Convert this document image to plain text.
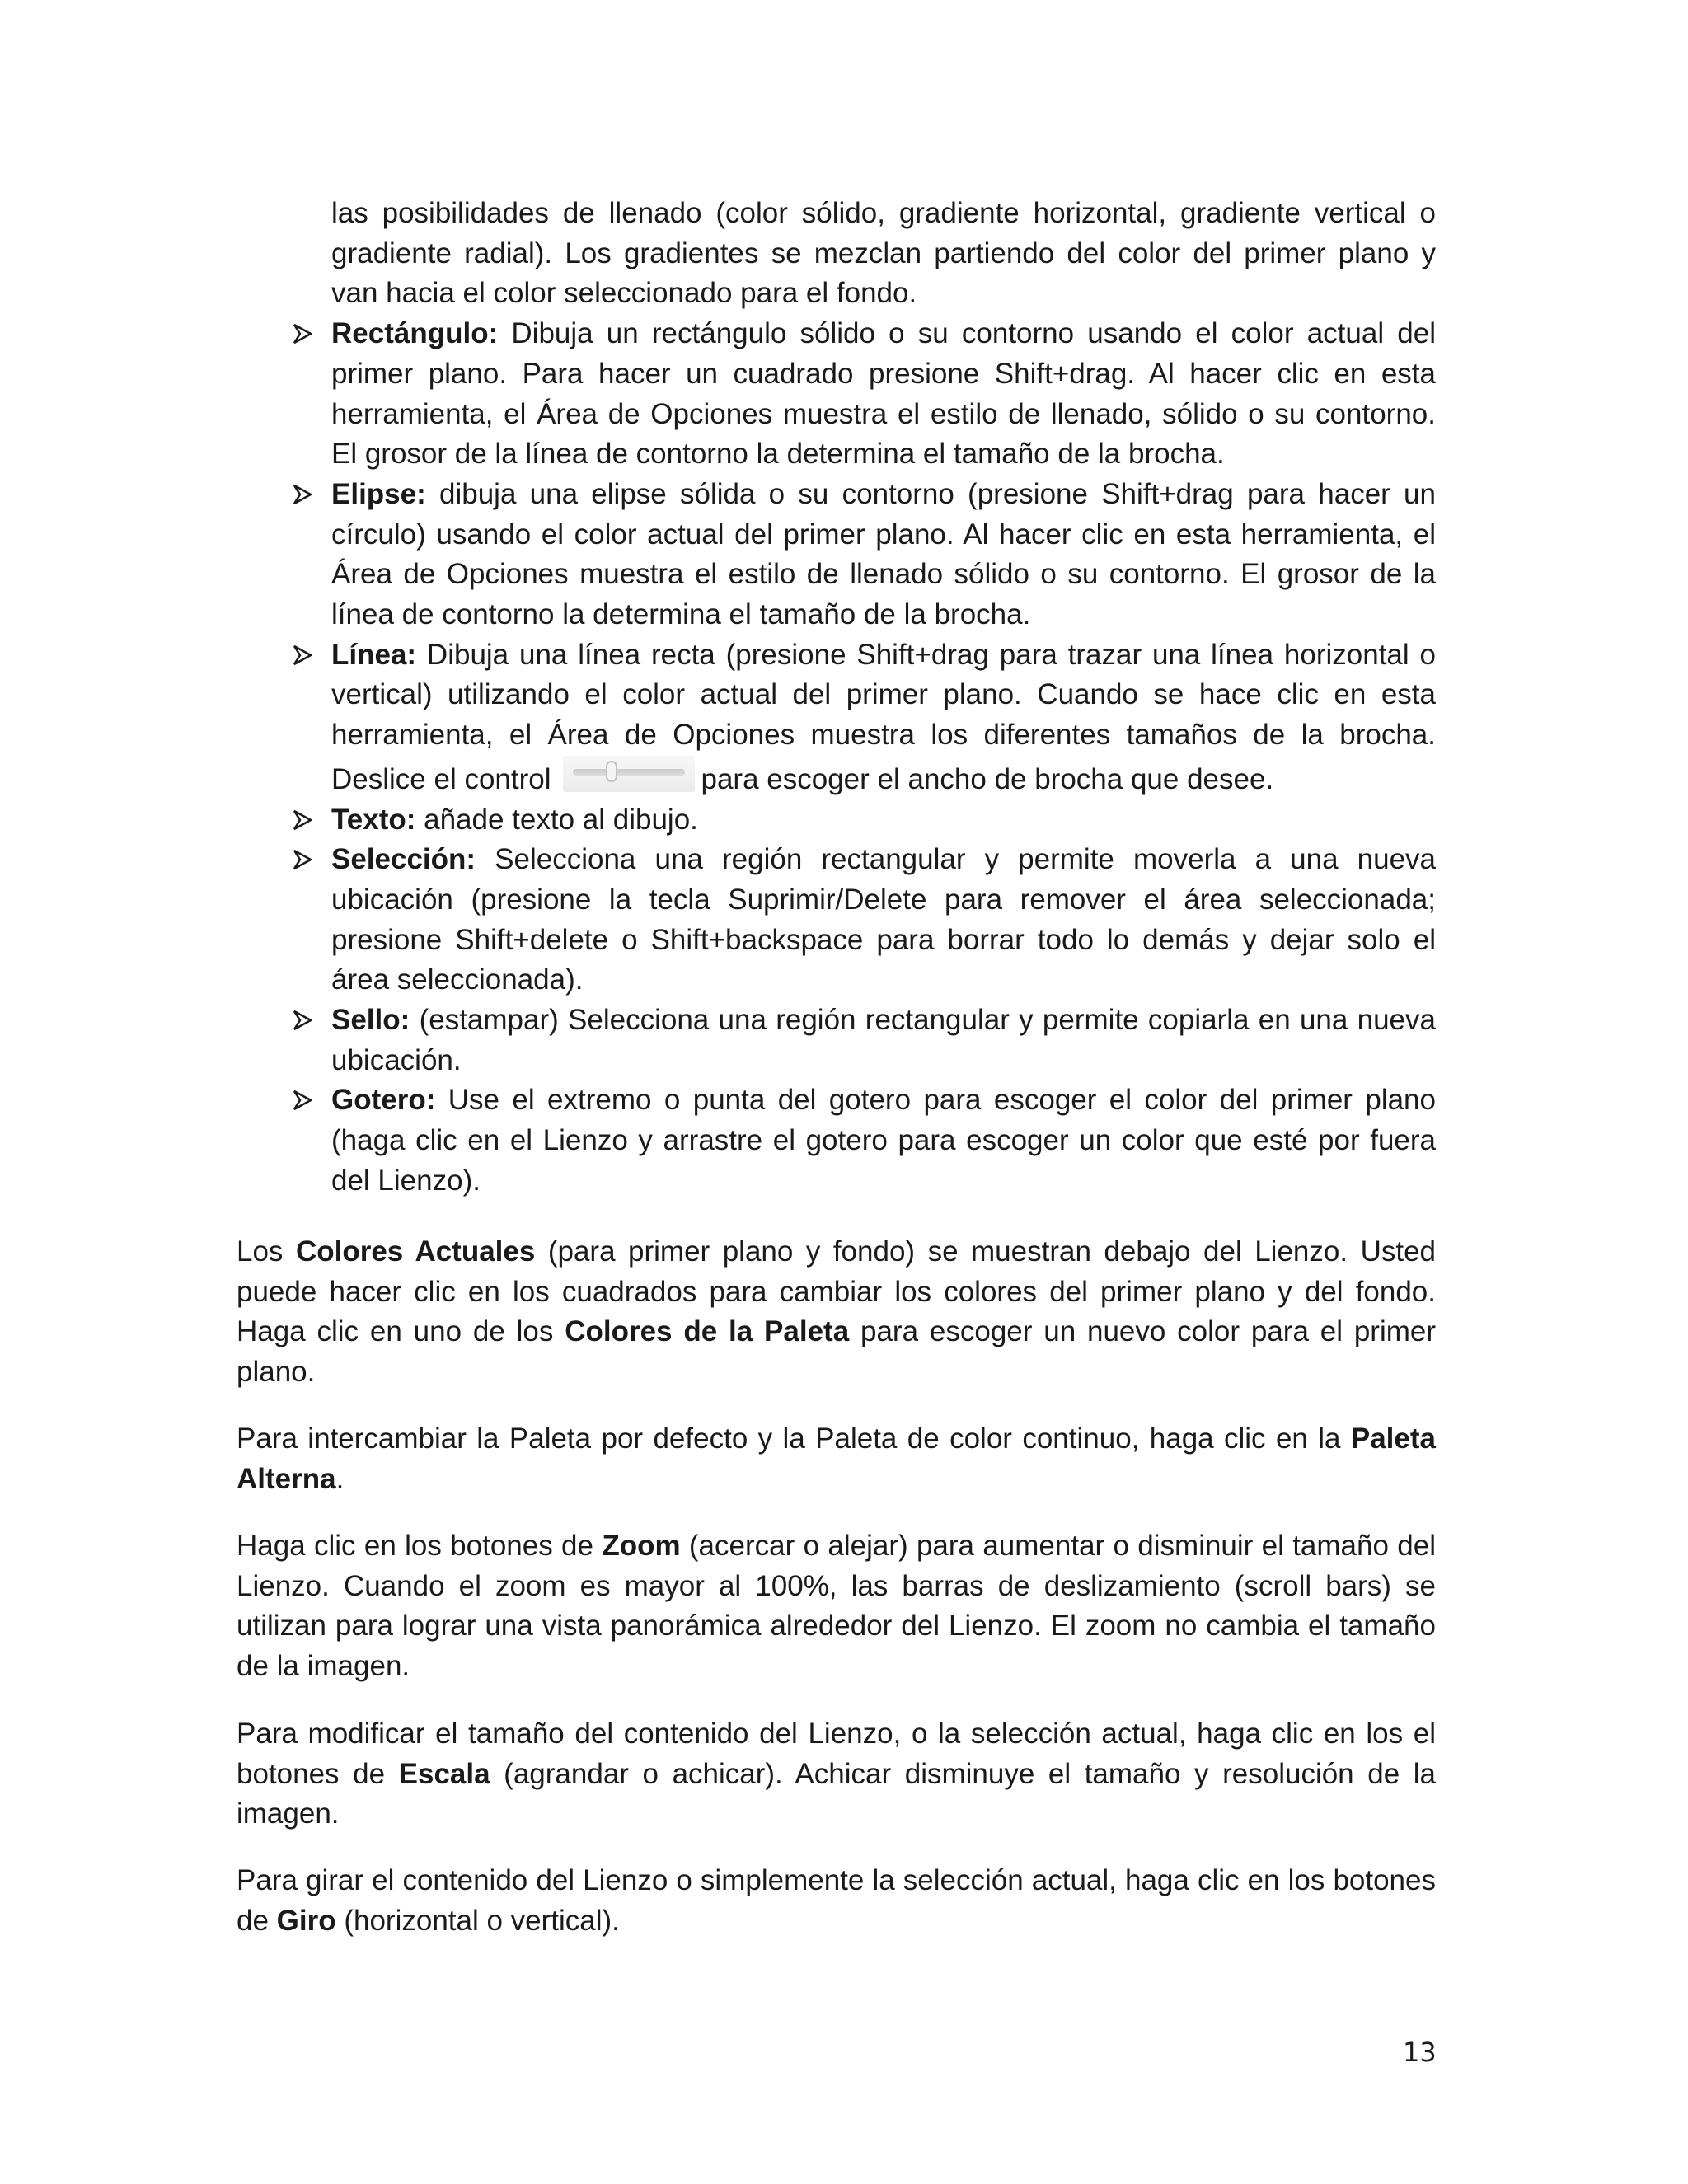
las posibilidades de llenado (color sólido, gradiente horizontal, gradiente vertical o gradiente radial). Los gradientes se mezclan partiendo del color del primer plano y van hacia el color seleccionado para el fondo.
Rectángulo: Dibuja un rectángulo sólido o su contorno usando el color actual del primer plano. Para hacer un cuadrado presione Shift+drag. Al hacer clic en esta herramienta, el Área de Opciones muestra el estilo de llenado, sólido o su contorno. El grosor de la línea de contorno la determina el tamaño de la brocha.
Elipse: dibuja una elipse sólida o su contorno (presione Shift+drag para hacer un círculo) usando el color actual del primer plano. Al hacer clic en esta herramienta, el Área de Opciones muestra el estilo de llenado sólido o su contorno. El grosor de la línea de contorno la determina el tamaño de la brocha.
Línea: Dibuja una línea recta (presione Shift+drag para trazar una línea horizontal o vertical) utilizando el color actual del primer plano. Cuando se hace clic en esta herramienta, el Área de Opciones muestra los diferentes tamaños de la brocha. Deslice el control	para escoger el ancho de brocha que desee.
Texto: añade texto al dibujo.
Selección: Selecciona una región rectangular y permite moverla a una nueva ubicación (presione la tecla Suprimir/Delete para remover el área seleccionada; presione Shift+delete o Shift+backspace para borrar todo lo demás y dejar solo el área seleccionada).
Sello: (estampar) Selecciona una región rectangular y permite copiarla en una nueva ubicación.
Gotero: Use el extremo o punta del gotero para escoger el color del primer plano (haga clic en el Lienzo y arrastre el gotero para escoger un color que esté por fuera del Lienzo).

Los Colores Actuales (para primer plano y fondo) se muestran debajo del Lienzo. Usted puede hacer clic en los cuadrados para cambiar los colores del primer plano y del fondo. Haga clic en uno de los Colores de la Paleta para escoger un nuevo color para el primer plano.

Para intercambiar la Paleta por defecto y la Paleta de color continuo, haga clic en la Paleta Alterna.

Haga clic en los botones de Zoom (acercar o alejar) para aumentar o disminuir el tamaño del Lienzo. Cuando el zoom es mayor al 100%, las barras de deslizamiento (scroll bars) se utilizan para lograr una vista panorámica alrededor del Lienzo. El zoom no cambia el tamaño de la imagen.

Para modificar el tamaño del contenido del Lienzo, o la selección actual, haga clic en los el botones de Escala (agrandar o achicar). Achicar disminuye el tamaño y resolución de la imagen.

Para girar el contenido del Lienzo o simplemente la selección actual, haga clic en los botones de Giro (horizontal o vertical).

13
